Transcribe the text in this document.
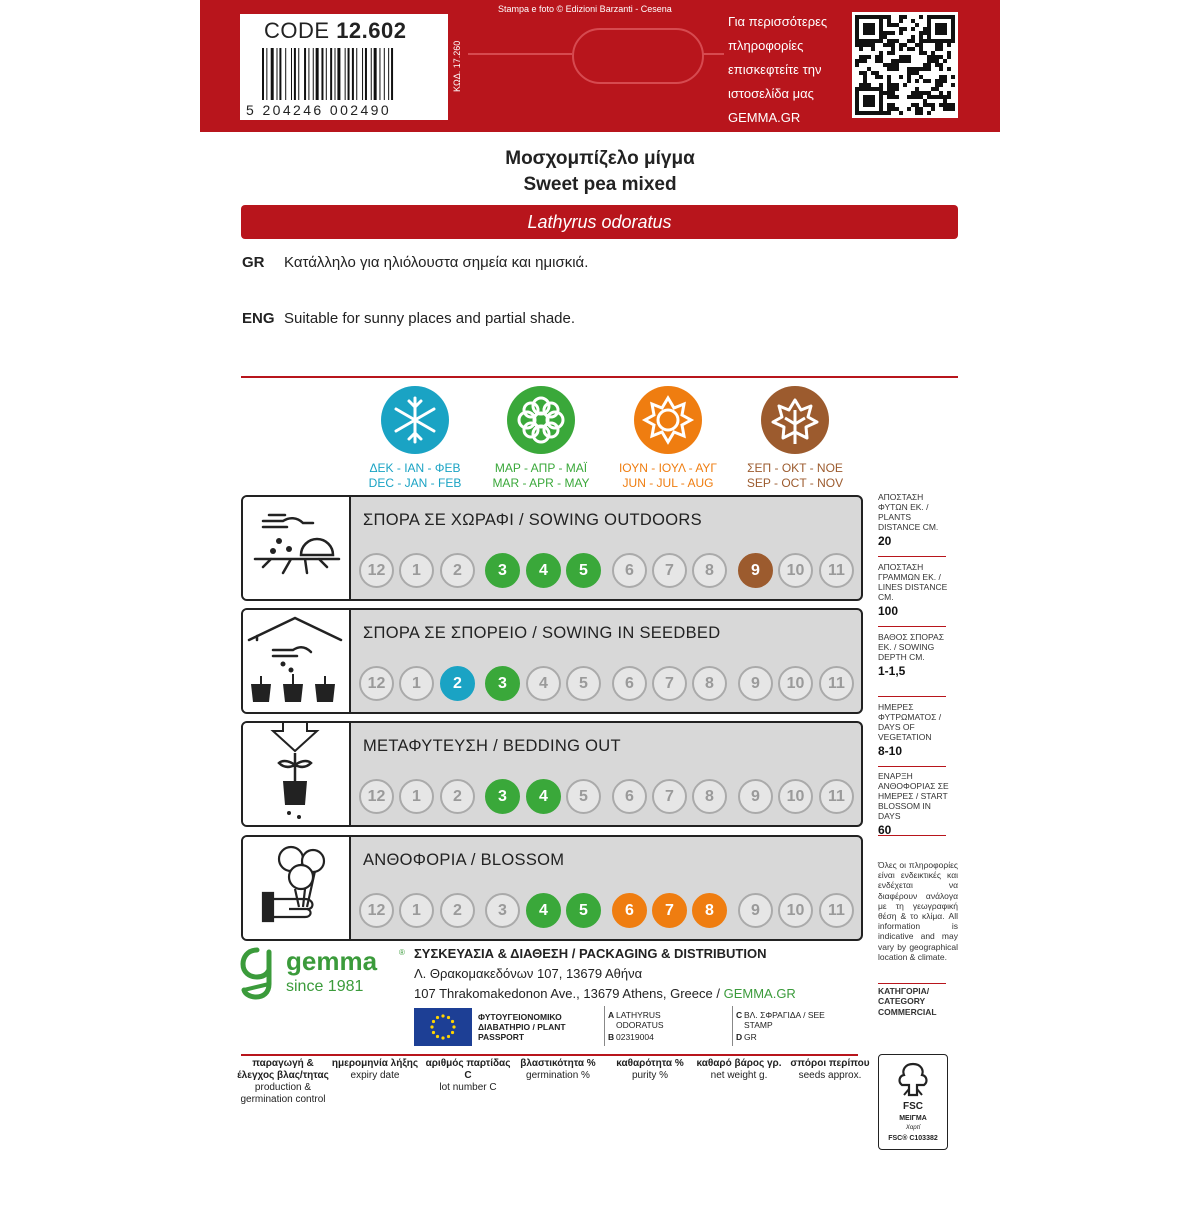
CODE 12.602
5 204246 002490
ΚΩΔ. 17.260
Stampa e foto © Edizioni Barzanti - Cesena
Για περισσότερες
πληροφορίες
επισκεφτείτε την
ιστοσελίδα μας
GEMMA.GR
Μοσχομπίζελο μίγμα
Sweet pea mixed
Lathyrus odoratus
GR Κατάλληλο για ηλιόλουστα σημεία και ημισκιά.
ENG Suitable for sunny places and partial shade.
ΔΕΚ - ΙΑΝ - ΦΕΒ
DEC - JAN - FEB
ΜΑΡ - ΑΠΡ - ΜΑΪ
MAR - APR - MAY
ΙΟΥΝ - ΙΟΥΛ - ΑΥΓ
JUN - JUL - AUG
ΣΕΠ - ΟΚΤ - ΝΟΕ
SEP - OCT - NOV
ΣΠΟΡΑ ΣΕ ΧΩΡΑΦΙ / SOWING OUTDOORS
12	1	2	3	4	5	6	7	8	9	10	11
ΣΠΟΡΑ ΣΕ ΣΠΟΡΕΙΟ / SOWING IN SEEDBED
12	1	2	3	4	5	6	7	8	9	10	11
ΜΕΤΑΦΥΤΕΥΣΗ / BEDDING OUT
12	1	2	3	4	5	6	7	8	9	10	11
ΑΝΘΟΦΟΡΙΑ / BLOSSOM
12	1	2	3	4	5	6	7	8	9	10	11
ΑΠΟΣΤΑΣΗ ΦΥΤΩΝ ΕΚ. / PLANTS DISTANCE CM.
20
ΑΠΟΣΤΑΣΗ ΓΡΑΜΜΩΝ ΕΚ. / LINES DISTANCE CM.
100
ΒΑΘΟΣ ΣΠΟΡΑΣ ΕΚ. / SOWING DEPTH CM.
1-1,5
ΗΜΕΡΕΣ ΦΥΤΡΩΜΑΤΟΣ / DAYS OF VEGETATION
8-10
ΕΝΑΡΞΗ ΑΝΘΟΦΟΡΙΑΣ ΣΕ ΗΜΕΡΕΣ / START BLOSSOM IN DAYS
60
Όλες οι πληροφορίες είναι ενδεικτικές και ενδέχεται να διαφέρουν ανάλογα με τη γεωγραφική θέση & το κλίμα. All information is indicative and may vary by geographical location & climate.
ΚΑΤΗΓΟΡΙΑ/ CATEGORY
COMMERCIAL
gemma	®
since 1981
ΣΥΣΚΕΥΑΣΙΑ & ΔΙΑΘΕΣΗ / PACKAGING & DISTRIBUTION
Λ. Θρακομακεδόνων 107, 13679 Αθήνα
107 Thrakomakedonon Ave., 13679 Athens, Greece / GEMMA.GR
ΦΥΤΟΥΓΕΙΟΝΟΜΙΚΟ ΔΙΑΒΑΤΗΡΙΟ / PLANT PASSPORT
A LATHYRUS ODORATUS
B 02319004
C ΒΛ. ΣΦΡΑΓΙΔΑ / SEE STAMP
D GR
παραγωγή & έλεγχος βλας/τητας
production & germination control
ημερομηνία λήξης
expiry date
αριθμός παρτίδας C
lot number C
βλαστικότητα %
germination %
καθαρότητα %
purity %
καθαρό βάρος γρ.
net weight g.
σπόροι περίπου
seeds approx.
FSC
ΜΕΙΓΜΑ
Χαρτί
FSC® C103382
